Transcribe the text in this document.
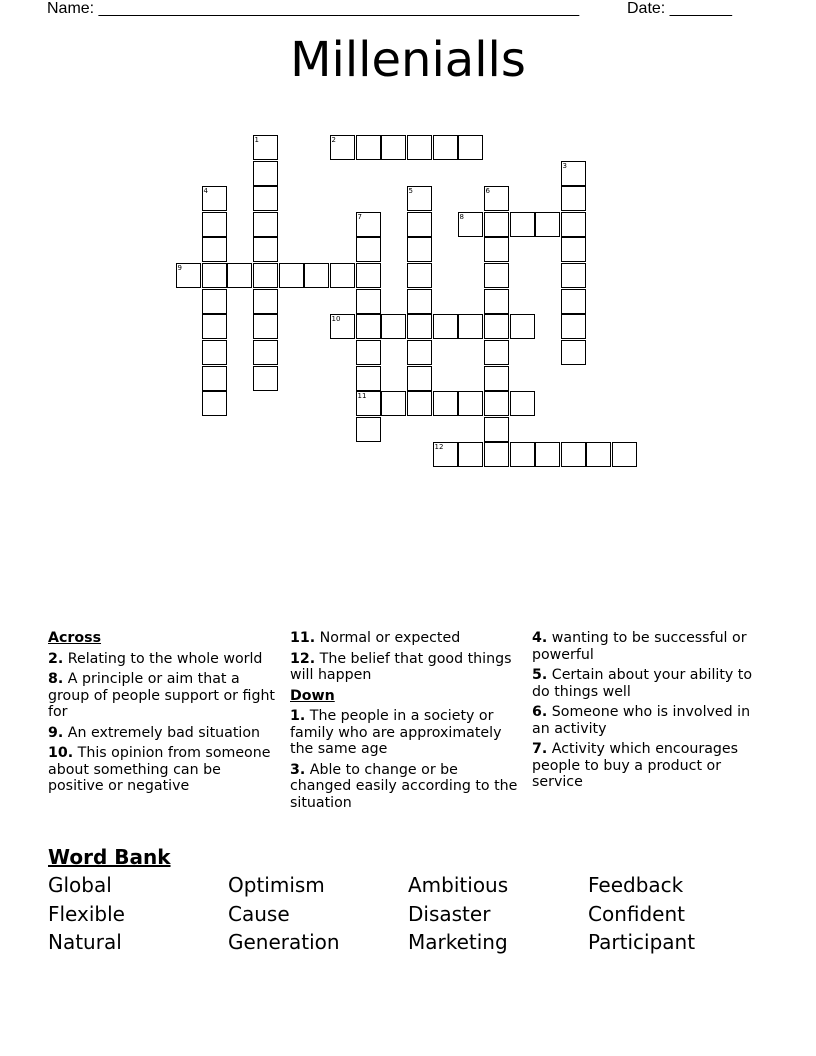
Name: ______________________________________________________	Date: _______
Millenialls
1	2
3
4	5	6
7
11
8
9
10
12
Across
2. Relating to the whole world
8. A principle or aim that a group of people support or fight for
9. An extremely bad situation
10. This opinion from someone about something can be positive or negative
11. Normal or expected
12. The belief that good things will happen
Down
1. The people in a society or family who are approximately the same age
3. Able to change or be changed easily according to the situation
4. wanting to be successful or powerful
5. Certain about your ability to do things well
6. Someone who is involved in an activity
7. Activity which encourages people to buy a product or service
Word Bank
Global	Optimism	Ambitious	Feedback
Flexible	Cause	Disaster	Confident
Natural	Generation	Marketing	Participant
